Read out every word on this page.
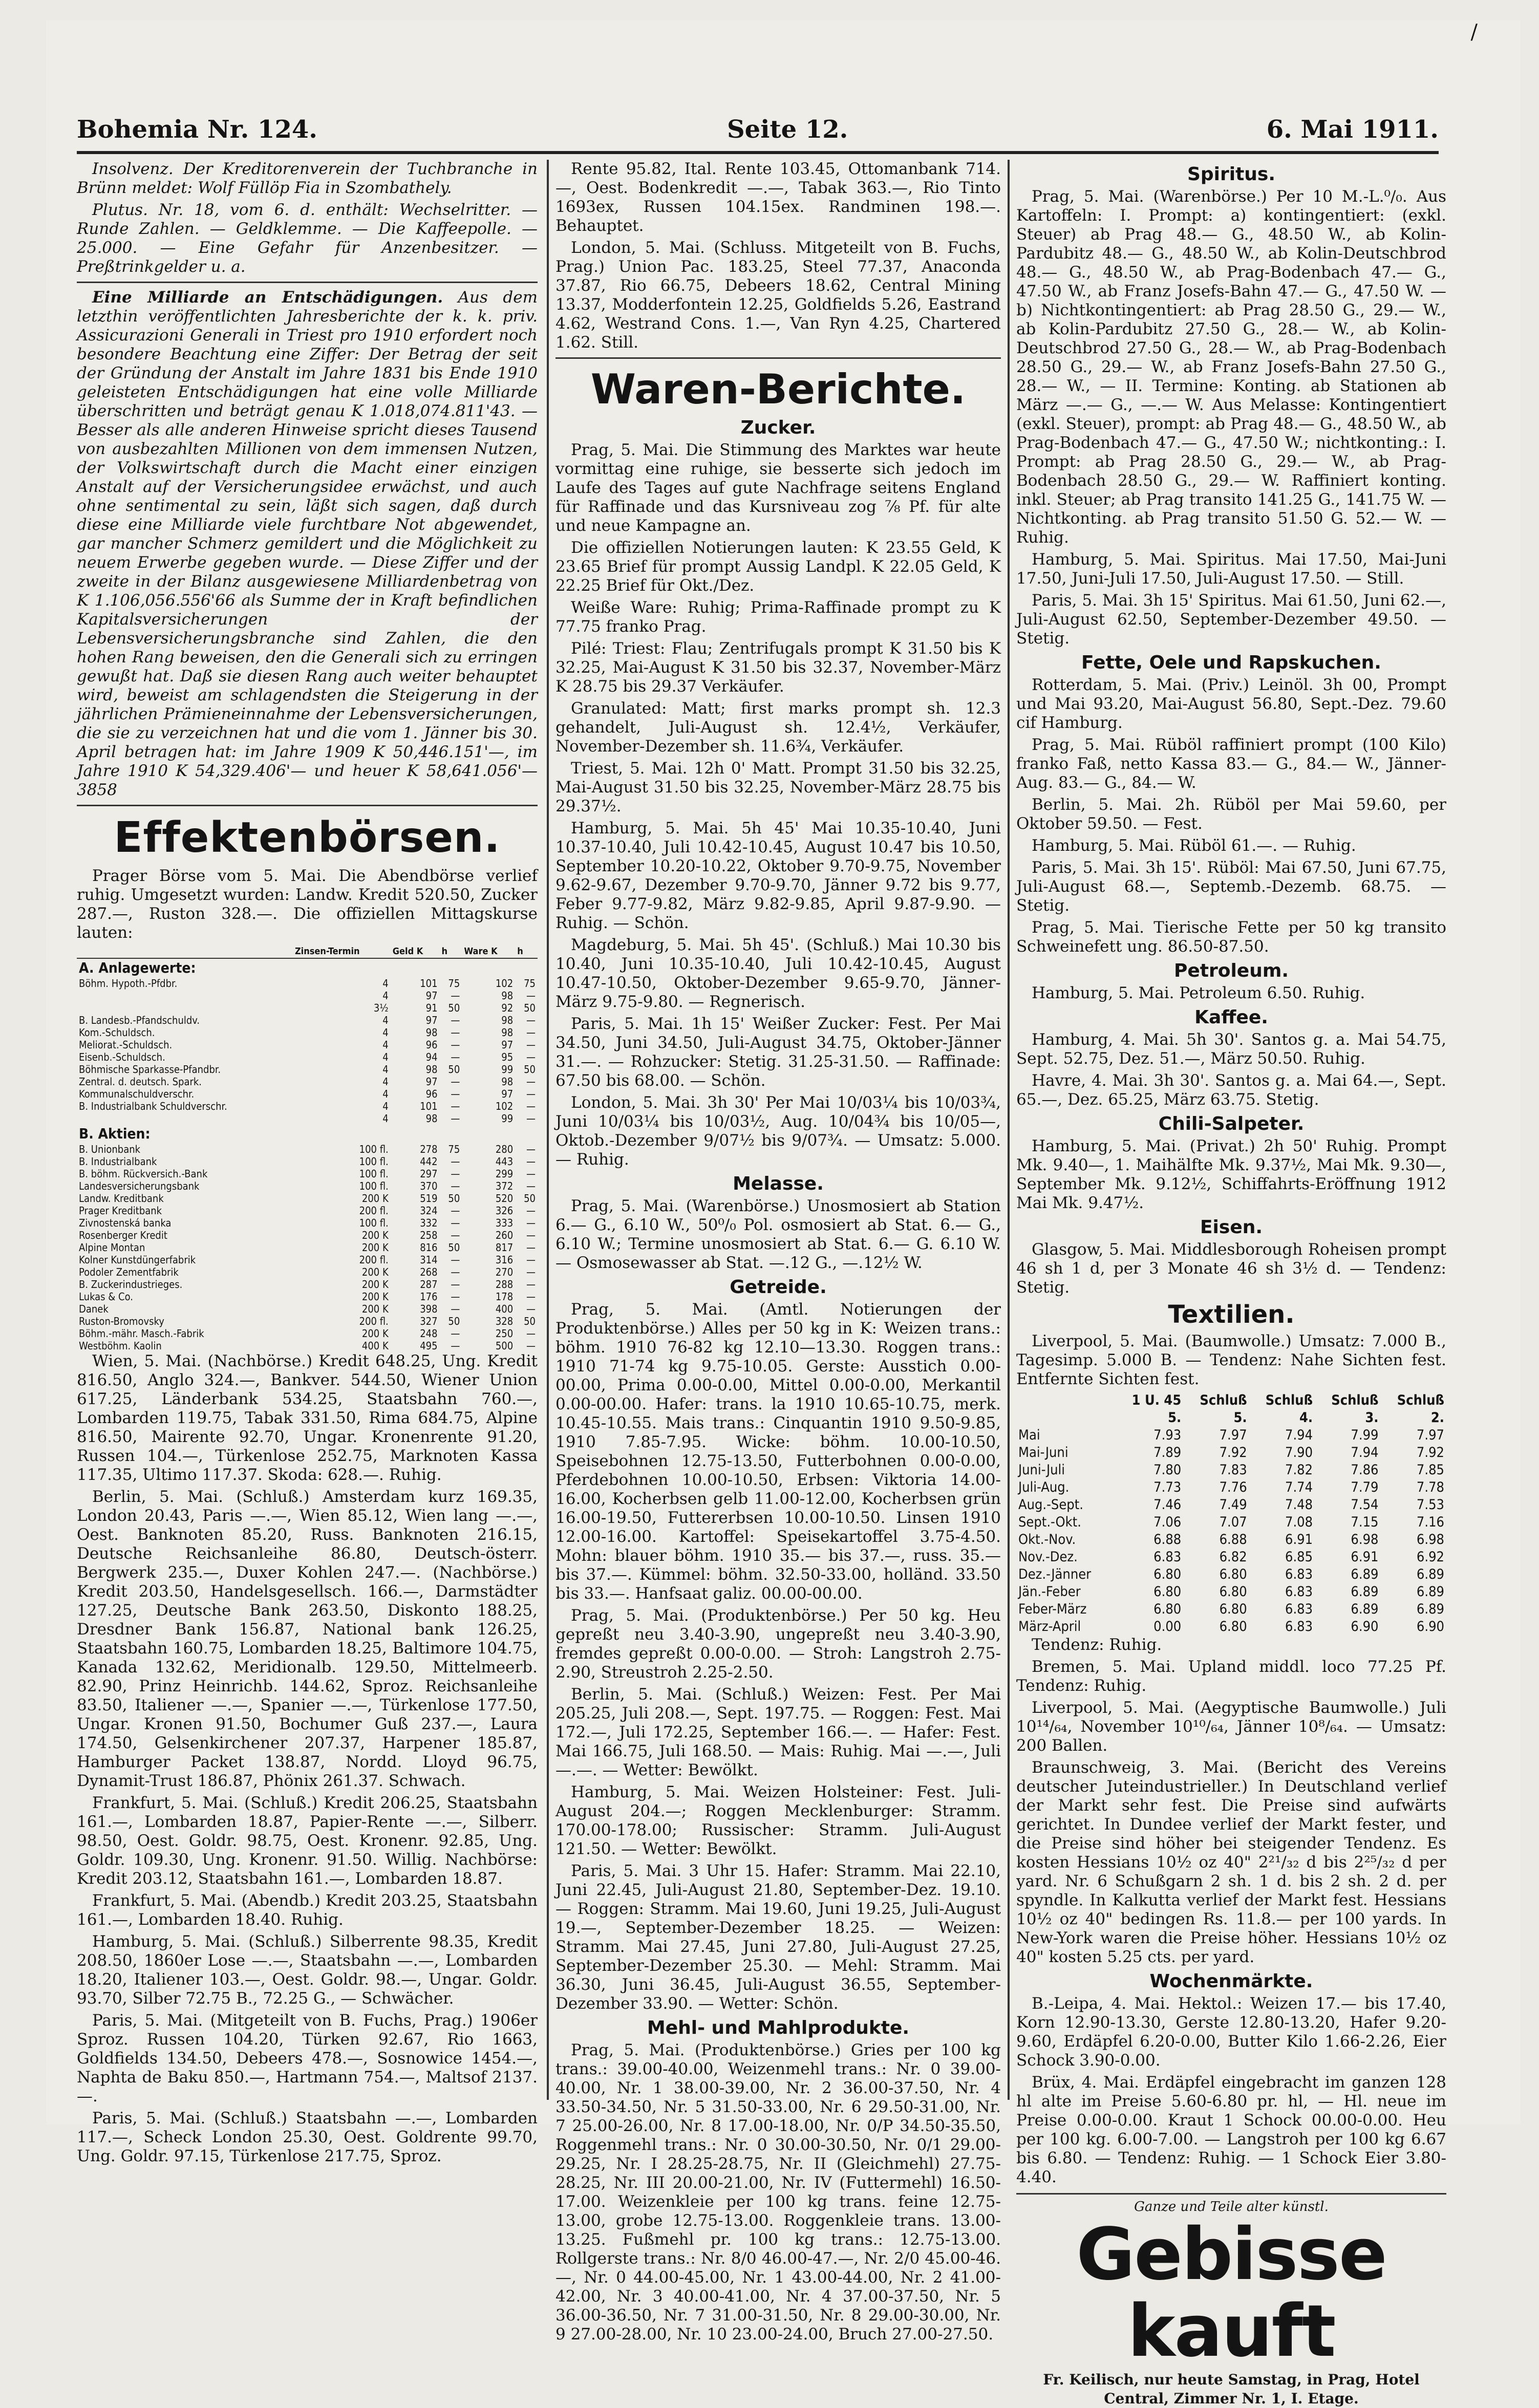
/
Bohemia Nr. 124.	Seite 12.	6. Mai 1911.

Insolvenz. Der Kreditorenverein der Tuchbranche in Brünn meldet: Wolf Füllöp Fia in Szombathely.

Plutus. Nr. 18, vom 6. d. enthält: Wechselritter. — Runde Zahlen. — Geldklemme. — Die Kaffeepolle. — 25.000. — Eine Gefahr für Anzenbesitzer. — Preßtrinkgelder u. a.

Eine Milliarde an Entschädigungen. Aus dem letzthin veröffentlichten Jahresberichte der k. k. priv. Assicurazioni Generali in Triest pro 1910 erfordert noch besondere Beachtung eine Ziffer: Der Betrag der seit der Gründung der Anstalt im Jahre 1831 bis Ende 1910 geleisteten Entschädigungen hat eine volle Milliarde überschritten und beträgt genau K 1.018,074.811'43. — Besser als alle anderen Hinweise spricht dieses Tausend von ausbezahlten Millionen von dem immensen Nutzen, der Volkswirtschaft durch die Macht einer einzigen Anstalt auf der Versicherungsidee erwächst, und auch ohne sentimental zu sein, läßt sich sagen, daß durch diese eine Milliarde viele furchtbare Not abgewendet, gar mancher Schmerz gemildert und die Möglichkeit zu neuem Erwerbe gegeben wurde. — Diese Ziffer und der zweite in der Bilanz ausgewiesene Milliardenbetrag von K 1.106,056.556'66 als Summe der in Kraft befindlichen Kapitalsversicherungen der Lebensversicherungsbranche sind Zahlen, die den hohen Rang beweisen, den die Generali sich zu erringen gewußt hat. Daß sie diesen Rang auch weiter behauptet wird, beweist am schlagendsten die Steigerung in der jährlichen Prämieneinnahme der Lebensversicherungen, die sie zu verzeichnen hat und die vom 1. Jänner bis 30. April betragen hat: im Jahre 1909 K 50,446.151'—, im Jahre 1910 K 54,329.406'— und heuer K 58,641.056'— 3858

Effektenbörsen.

Prager Börse vom 5. Mai. Die Abendbörse verlief ruhig. Umgesetzt wurden: Landw. Kredit 520.50, Zucker 287.—, Ruston 328.—. Die offiziellen Mittagskurse lauten:

	Zinsen-Termin	Geld K	h	Ware K	h
A. Anlagewerte:					
Böhm. Hypoth.-Pfdbr.	4	101	75	102	75
	4	97	—	98	—
	3½	91	50	92	50
B. Landesb.-Pfandschuldv.	4	97	—	98	—
Kom.-Schuldsch.	4	98	—	98	—
Meliorat.-Schuldsch.	4	96	—	97	—
Eisenb.-Schuldsch.	4	94	—	95	—
Böhmische Sparkasse-Pfandbr.	4	98	50	99	50
Zentral. d. deutsch. Spark.	4	97	—	98	—
Kommunalschuldverschr.	4	96	—	97	—
B. Industrialbank Schuldverschr.	4	101	—	102	—
	4	98	—	99	—
B. Aktien:					
B. Unionbank	100 fl.	278	75	280	—
B. Industrialbank	100 fl.	442	—	443	—
B. böhm. Rückversich.-Bank	100 fl.	297	—	299	—
Landesversicherungsbank	100 fl.	370	—	372	—
Landw. Kreditbank	200 K	519	50	520	50
Prager Kreditbank	200 fl.	324	—	326	—
Zivnostenská banka	100 fl.	332	—	333	—
Rosenberger Kredit	200 K	258	—	260	—
Alpine Montan	200 K	816	50	817	—
Kolner Kunstdüngerfabrik	200 fl.	314	—	316	—
Podoler Zementfabrik	200 K	268	—	270	—
B. Zuckerindustrieges.	200 K	287	—	288	—
Lukas & Co.	200 K	176	—	178	—
Danek	200 K	398	—	400	—
Ruston-Bromovsky	200 fl.	327	50	328	50
Böhm.-mähr. Masch.-Fabrik	200 K	248	—	250	—
Westböhm. Kaolin	400 K	495	—	500	—

Wien, 5. Mai. (Nachbörse.) Kredit 648.25, Ung. Kredit 816.50, Anglo 324.—, Bankver. 544.50, Wiener Union 617.25, Länderbank 534.25, Staatsbahn 760.—, Lombarden 119.75, Tabak 331.50, Rima 684.75, Alpine 816.50, Mairente 92.70, Ungar. Kronenrente 91.20, Russen 104.—, Türkenlose 252.75, Marknoten Kassa 117.35, Ultimo 117.37. Skoda: 628.—. Ruhig.

Berlin, 5. Mai. (Schluß.) Amsterdam kurz 169.35, London 20.43, Paris —.—, Wien 85.12, Wien lang —.—, Oest. Banknoten 85.20, Russ. Banknoten 216.15, Deutsche Reichsanleihe 86.80, Deutsch-österr. Bergwerk 235.—, Duxer Kohlen 247.—. (Nachbörse.) Kredit 203.50, Handelsgesellsch. 166.—, Darmstädter 127.25, Deutsche Bank 263.50, Diskonto 188.25, Dresdner Bank 156.87, National bank 126.25, Staatsbahn 160.75, Lombarden 18.25, Baltimore 104.75, Kanada 132.62, Meridionalb. 129.50, Mittelmeerb. 82.90, Prinz Heinrichb. 144.62, Sproz. Reichsanleihe 83.50, Italiener —.—, Spanier —.—, Türkenlose 177.50, Ungar. Kronen 91.50, Bochumer Guß 237.—, Laura 174.50, Gelsenkirchener 207.37, Harpener 185.87, Hamburger Packet 138.87, Nordd. Lloyd 96.75, Dynamit-Trust 186.87, Phönix 261.37. Schwach.

Frankfurt, 5. Mai. (Schluß.) Kredit 206.25, Staatsbahn 161.—, Lombarden 18.87, Papier-Rente —.—, Silberr. 98.50, Oest. Goldr. 98.75, Oest. Kronenr. 92.85, Ung. Goldr. 109.30, Ung. Kronenr. 91.50. Willig. Nachbörse: Kredit 203.12, Staatsbahn 161.—, Lombarden 18.87.

Frankfurt, 5. Mai. (Abendb.) Kredit 203.25, Staatsbahn 161.—, Lombarden 18.40. Ruhig.

Hamburg, 5. Mai. (Schluß.) Silberrente 98.35, Kredit 208.50, 1860er Lose —.—, Staatsbahn —.—, Lombarden 18.20, Italiener 103.—, Oest. Goldr. 98.—, Ungar. Goldr. 93.70, Silber 72.75 B., 72.25 G., — Schwächer.

Paris, 5. Mai. (Mitgeteilt von B. Fuchs, Prag.) 1906er Sproz. Russen 104.20, Türken 92.67, Rio 1663, Goldfields 134.50, Debeers 478.—, Sosnowice 1454.—, Naphta de Baku 850.—, Hartmann 754.—, Maltsof 2137.—.

Paris, 5. Mai. (Schluß.) Staatsbahn —.—, Lombarden 117.—, Scheck London 25.30, Oest. Goldrente 99.70, Ung. Goldr. 97.15, Türkenlose 217.75, Sproz.

Rente 95.82, Ital. Rente 103.45, Ottomanbank 714.—, Oest. Bodenkredit —.—, Tabak 363.—, Rio Tinto 1693ex, Russen 104.15ex. Randminen 198.—. Behauptet.

London, 5. Mai. (Schluss. Mitgeteilt von B. Fuchs, Prag.) Union Pac. 183.25, Steel 77.37, Anaconda 37.87, Rio 66.75, Debeers 18.62, Central Mining 13.37, Modderfontein 12.25, Goldfields 5.26, Eastrand 4.62, Westrand Cons. 1.—, Van Ryn 4.25, Chartered 1.62. Still.

Waren-Berichte.
Zucker.

Prag, 5. Mai. Die Stimmung des Marktes war heute vormittag eine ruhige, sie besserte sich jedoch im Laufe des Tages auf gute Nachfrage seitens England für Raffinade und das Kursniveau zog ⅞ Pf. für alte und neue Kampagne an.

Die offiziellen Notierungen lauten: K 23.55 Geld, K 23.65 Brief für prompt Aussig Landpl. K 22.05 Geld, K 22.25 Brief für Okt./Dez.

Weiße Ware: Ruhig; Prima-Raffinade prompt zu K 77.75 franko Prag.

Pilé: Triest: Flau; Zentrifugals prompt K 31.50 bis K 32.25, Mai-August K 31.50 bis 32.37, November-März K 28.75 bis 29.37 Verkäufer.

Granulated: Matt; first marks prompt sh. 12.3 gehandelt, Juli-August sh. 12.4½, Verkäufer, November-Dezember sh. 11.6¾, Verkäufer.

Triest, 5. Mai. 12h 0' Matt. Prompt 31.50 bis 32.25, Mai-August 31.50 bis 32.25, November-März 28.75 bis 29.37½.

Hamburg, 5. Mai. 5h 45' Mai 10.35-10.40, Juni 10.37-10.40, Juli 10.42-10.45, August 10.47 bis 10.50, September 10.20-10.22, Oktober 9.70-9.75, November 9.62-9.67, Dezember 9.70-9.70, Jänner 9.72 bis 9.77, Feber 9.77-9.82, März 9.82-9.85, April 9.87-9.90. — Ruhig. — Schön.

Magdeburg, 5. Mai. 5h 45'. (Schluß.) Mai 10.30 bis 10.40, Juni 10.35-10.40, Juli 10.42-10.45, August 10.47-10.50, Oktober-Dezember 9.65-9.70, Jänner-März 9.75-9.80. — Regnerisch.

Paris, 5. Mai. 1h 15' Weißer Zucker: Fest. Per Mai 34.50, Juni 34.50, Juli-August 34.75, Oktober-Jänner 31.—. — Rohzucker: Stetig. 31.25-31.50. — Raffinade: 67.50 bis 68.00. — Schön.

London, 5. Mai. 3h 30' Per Mai 10/03¼ bis 10/03¾, Juni 10/03¼ bis 10/03½, Aug. 10/04¾ bis 10/05—, Oktob.-Dezember 9/07½ bis 9/07¾. — Umsatz: 5.000. — Ruhig.

Melasse.

Prag, 5. Mai. (Warenbörse.) Unosmosiert ab Station 6.— G., 6.10 W., 50⁰/₀ Pol. osmosiert ab Stat. 6.— G., 6.10 W.; Termine unosmosiert ab Stat. 6.— G. 6.10 W. — Osmosewasser ab Stat. —.12 G., —.12½ W.

Getreide.

Prag, 5. Mai. (Amtl. Notierungen der Produktenbörse.) Alles per 50 kg in K: Weizen trans.: böhm. 1910 76-82 kg 12.10—13.30. Roggen trans.: 1910 71-74 kg 9.75-10.05. Gerste: Ausstich 0.00-00.00, Prima 0.00-0.00, Mittel 0.00-0.00, Merkantil 0.00-00.00. Hafer: trans. la 1910 10.65-10.75, merk. 10.45-10.55. Mais trans.: Cinquantin 1910 9.50-9.85, 1910 7.85-7.95. Wicke: böhm. 10.00-10.50, Speisebohnen 12.75-13.50, Futterbohnen 0.00-0.00, Pferdebohnen 10.00-10.50, Erbsen: Viktoria 14.00-16.00, Kocherbsen gelb 11.00-12.00, Kocherbsen grün 16.00-19.50, Futtererbsen 10.00-10.50. Linsen 1910 12.00-16.00. Kartoffel: Speisekartoffel 3.75-4.50. Mohn: blauer böhm. 1910 35.— bis 37.—, russ. 35.— bis 37.—. Kümmel: böhm. 32.50-33.00, holländ. 33.50 bis 33.—. Hanfsaat galiz. 00.00-00.00.

Prag, 5. Mai. (Produktenbörse.) Per 50 kg. Heu gepreßt neu 3.40-3.90, ungepreßt neu 3.40-3.90, fremdes gepreßt 0.00-0.00. — Stroh: Langstroh 2.75-2.90, Streustroh 2.25-2.50.

Berlin, 5. Mai. (Schluß.) Weizen: Fest. Per Mai 205.25, Juli 208.—, Sept. 197.75. — Roggen: Fest. Mai 172.—, Juli 172.25, September 166.—. — Hafer: Fest. Mai 166.75, Juli 168.50. — Mais: Ruhig. Mai —.—, Juli —.—. — Wetter: Bewölkt.

Hamburg, 5. Mai. Weizen Holsteiner: Fest. Juli-August 204.—; Roggen Mecklenburger: Stramm. 170.00-178.00; Russischer: Stramm. Juli-August 121.50. — Wetter: Bewölkt.

Paris, 5. Mai. 3 Uhr 15. Hafer: Stramm. Mai 22.10, Juni 22.45, Juli-August 21.80, September-Dez. 19.10. — Roggen: Stramm. Mai 19.60, Juni 19.25, Juli-August 19.—, September-Dezember 18.25. — Weizen: Stramm. Mai 27.45, Juni 27.80, Juli-August 27.25, September-Dezember 25.30. — Mehl: Stramm. Mai 36.30, Juni 36.45, Juli-August 36.55, September-Dezember 33.90. — Wetter: Schön.

Mehl- und Mahlprodukte.

Prag, 5. Mai. (Produktenbörse.) Gries per 100 kg trans.: 39.00-40.00, Weizenmehl trans.: Nr. 0 39.00-40.00, Nr. 1 38.00-39.00, Nr. 2 36.00-37.50, Nr. 4 33.50-34.50, Nr. 5 31.50-33.00, Nr. 6 29.50-31.00, Nr. 7 25.00-26.00, Nr. 8 17.00-18.00, Nr. 0/P 34.50-35.50, Roggenmehl trans.: Nr. 0 30.00-30.50, Nr. 0/1 29.00-29.25, Nr. I 28.25-28.75, Nr. II (Gleichmehl) 27.75-28.25, Nr. III 20.00-21.00, Nr. IV (Futtermehl) 16.50-17.00. Weizenkleie per 100 kg trans. feine 12.75-13.00, grobe 12.75-13.00. Roggenkleie trans. 13.00-13.25. Fußmehl pr. 100 kg trans.: 12.75-13.00. Rollgerste trans.: Nr. 8/0 46.00-47.—, Nr. 2/0 45.00-46.—, Nr. 0 44.00-45.00, Nr. 1 43.00-44.00, Nr. 2 41.00-42.00, Nr. 3 40.00-41.00, Nr. 4 37.00-37.50, Nr. 5 36.00-36.50, Nr. 7 31.00-31.50, Nr. 8 29.00-30.00, Nr. 9 27.00-28.00, Nr. 10 23.00-24.00, Bruch 27.00-27.50.

Spiritus.

Prag, 5. Mai. (Warenbörse.) Per 10 M.-L.⁰/₀. Aus Kartoffeln: I. Prompt: a) kontingentiert: (exkl. Steuer) ab Prag 48.— G., 48.50 W., ab Kolin-Pardubitz 48.— G., 48.50 W., ab Kolin-Deutschbrod 48.— G., 48.50 W., ab Prag-Bodenbach 47.— G., 47.50 W., ab Franz Josefs-Bahn 47.— G., 47.50 W. — b) Nichtkontingentiert: ab Prag 28.50 G., 29.— W., ab Kolin-Pardubitz 27.50 G., 28.— W., ab Kolin-Deutschbrod 27.50 G., 28.— W., ab Prag-Bodenbach 28.50 G., 29.— W., ab Franz Josefs-Bahn 27.50 G., 28.— W., — II. Termine: Konting. ab Stationen ab März —.— G., —.— W. Aus Melasse: Kontingentiert (exkl. Steuer), prompt: ab Prag 48.— G., 48.50 W., ab Prag-Bodenbach 47.— G., 47.50 W.; nichtkonting.: I. Prompt: ab Prag 28.50 G., 29.— W., ab Prag-Bodenbach 28.50 G., 29.— W. Raffiniert konting. inkl. Steuer; ab Prag transito 141.25 G., 141.75 W. — Nichtkonting. ab Prag transito 51.50 G. 52.— W. — Ruhig.

Hamburg, 5. Mai. Spiritus. Mai 17.50, Mai-Juni 17.50, Juni-Juli 17.50, Juli-August 17.50. — Still.

Paris, 5. Mai. 3h 15' Spiritus. Mai 61.50, Juni 62.—, Juli-August 62.50, September-Dezember 49.50. — Stetig.

Fette, Oele und Rapskuchen.

Rotterdam, 5. Mai. (Priv.) Leinöl. 3h 00, Prompt und Mai 93.20, Mai-August 56.80, Sept.-Dez. 79.60 cif Hamburg.

Prag, 5. Mai. Rüböl raffiniert prompt (100 Kilo) franko Faß, netto Kassa 83.— G., 84.— W., Jänner-Aug. 83.— G., 84.— W.

Berlin, 5. Mai. 2h. Rüböl per Mai 59.60, per Oktober 59.50. — Fest.

Hamburg, 5. Mai. Rüböl 61.—. — Ruhig.

Paris, 5. Mai. 3h 15'. Rüböl: Mai 67.50, Juni 67.75, Juli-August 68.—, Septemb.-Dezemb. 68.75. — Stetig.

Prag, 5. Mai. Tierische Fette per 50 kg transito Schweinefett ung. 86.50-87.50.

Petroleum.

Hamburg, 5. Mai. Petroleum 6.50. Ruhig.

Kaffee.

Hamburg, 4. Mai. 5h 30'. Santos g. a. Mai 54.75, Sept. 52.75, Dez. 51.—, März 50.50. Ruhig.

Havre, 4. Mai. 3h 30'. Santos g. a. Mai 64.—, Sept. 65.—, Dez. 65.25, März 63.75. Stetig.

Chili-Salpeter.

Hamburg, 5. Mai. (Privat.) 2h 50' Ruhig. Prompt Mk. 9.40—, 1. Maihälfte Mk. 9.37½, Mai Mk. 9.30—, September Mk. 9.12½, Schiffahrts-Eröffnung 1912 Mai Mk. 9.47½.

Eisen.

Glasgow, 5. Mai. Middlesborough Roheisen prompt 46 sh 1 d, per 3 Monate 46 sh 3½ d. — Tendenz: Stetig.

Textilien.

Liverpool, 5. Mai. (Baumwolle.) Umsatz: 7.000 B., Tagesimp. 5.000 B. — Tendenz: Nahe Sichten fest. Entfernte Sichten fest.

	1 U. 45	Schluß	Schluß	Schluß	Schluß
	5.	5.	4.	3.	2.
Mai	7.93	7.97	7.94	7.99	7.97
Mai-Juni	7.89	7.92	7.90	7.94	7.92
Juni-Juli	7.80	7.83	7.82	7.86	7.85
Juli-Aug.	7.73	7.76	7.74	7.79	7.78
Aug.-Sept.	7.46	7.49	7.48	7.54	7.53
Sept.-Okt.	7.06	7.07	7.08	7.15	7.16
Okt.-Nov.	6.88	6.88	6.91	6.98	6.98
Nov.-Dez.	6.83	6.82	6.85	6.91	6.92
Dez.-Jänner	6.80	6.80	6.83	6.89	6.89
Jän.-Feber	6.80	6.80	6.83	6.89	6.89
Feber-März	6.80	6.80	6.83	6.89	6.89
März-April	0.00	6.80	6.83	6.90	6.90

Tendenz: Ruhig.

Bremen, 5. Mai. Upland middl. loco 77.25 Pf. Tendenz: Ruhig.

Liverpool, 5. Mai. (Aegyptische Baumwolle.) Juli 10¹⁴/₆₄, November 10¹⁰/₆₄, Jänner 10⁸/₆₄. — Umsatz: 200 Ballen.

Braunschweig, 3. Mai. (Bericht des Vereins deutscher Juteindustrieller.) In Deutschland verlief der Markt sehr fest. Die Preise sind aufwärts gerichtet. In Dundee verlief der Markt fester, und die Preise sind höher bei steigender Tendenz. Es kosten Hessians 10½ oz 40" 2²¹/₃₂ d bis 2²⁵/₃₂ d per yard. Nr. 6 Schußgarn 2 sh. 1 d. bis 2 sh. 2 d. per spyndle. In Kalkutta verlief der Markt fest. Hessians 10½ oz 40" bedingen Rs. 11.8.— per 100 yards. In New-York waren die Preise höher. Hessians 10½ oz 40" kosten 5.25 cts. per yard.

Wochenmärkte.

B.-Leipa, 4. Mai. Hektol.: Weizen 17.— bis 17.40, Korn 12.90-13.30, Gerste 12.80-13.20, Hafer 9.20-9.60, Erdäpfel 6.20-0.00, Butter Kilo 1.66-2.26, Eier Schock 3.90-0.00.

Brüx, 4. Mai. Erdäpfel eingebracht im ganzen 128 hl alte im Preise 5.60-6.80 pr. hl, — Hl. neue im Preise 0.00-0.00. Kraut 1 Schock 00.00-0.00. Heu per 100 kg. 6.00-7.00. — Langstroh per 100 kg 6.67 bis 6.80. — Tendenz: Ruhig. — 1 Schock Eier 3.80-4.40.

Ganze und Teile alter künstl.
Gebisse kauft
Fr. Keilisch, nur heute Samstag, in Prag, Hotel Central, Zimmer Nr. 1, I. Etage.
